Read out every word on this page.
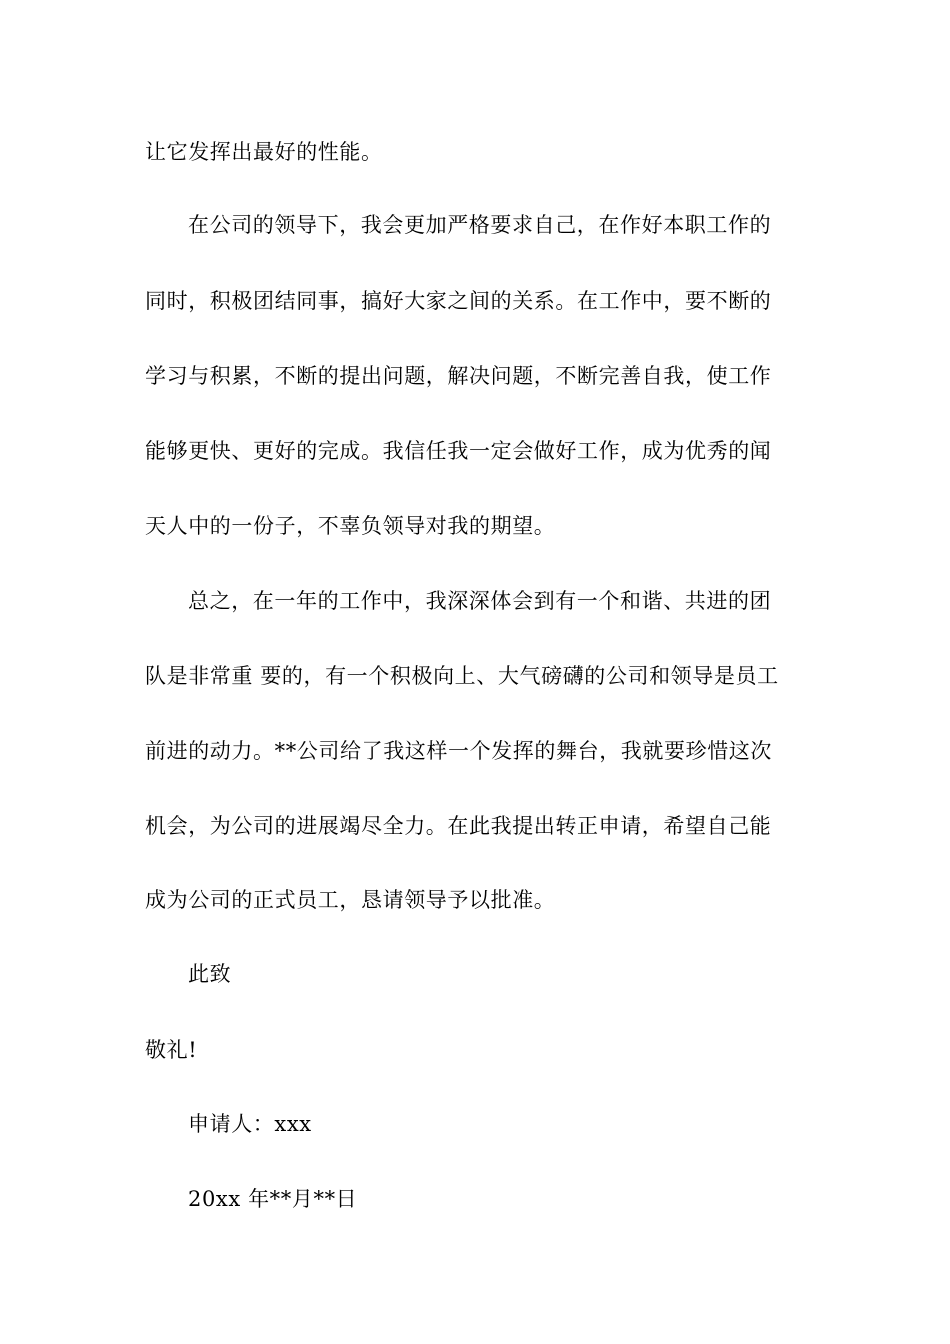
让它发挥出最好的性能。
在公司的领导下，我会更加严格要求自己，在作好本职工作的
同时，积极团结同事，搞好大家之间的关系。在工作中，要不断的
学习与积累，不断的提出问题，解决问题，不断完善自我，使工作
能够更快、更好的完成。我信任我一定会做好工作，成为优秀的闻
天人中的一份子，不辜负领导对我的期望。
总之，在一年的工作中，我深深体会到有一个和谐、共进的团
队是非常重 要的，有一个积极向上、大气磅礴的公司和领导是员工
前进的动力。**公司给了我这样一个发挥的舞台，我就要珍惜这次
机会，为公司的进展竭尽全力。在此我提出转正申请，希望自己能
成为公司的正式员工，恳请领导予以批准。
此致
敬礼!
申请人：xxx
20xx 年**月**日
